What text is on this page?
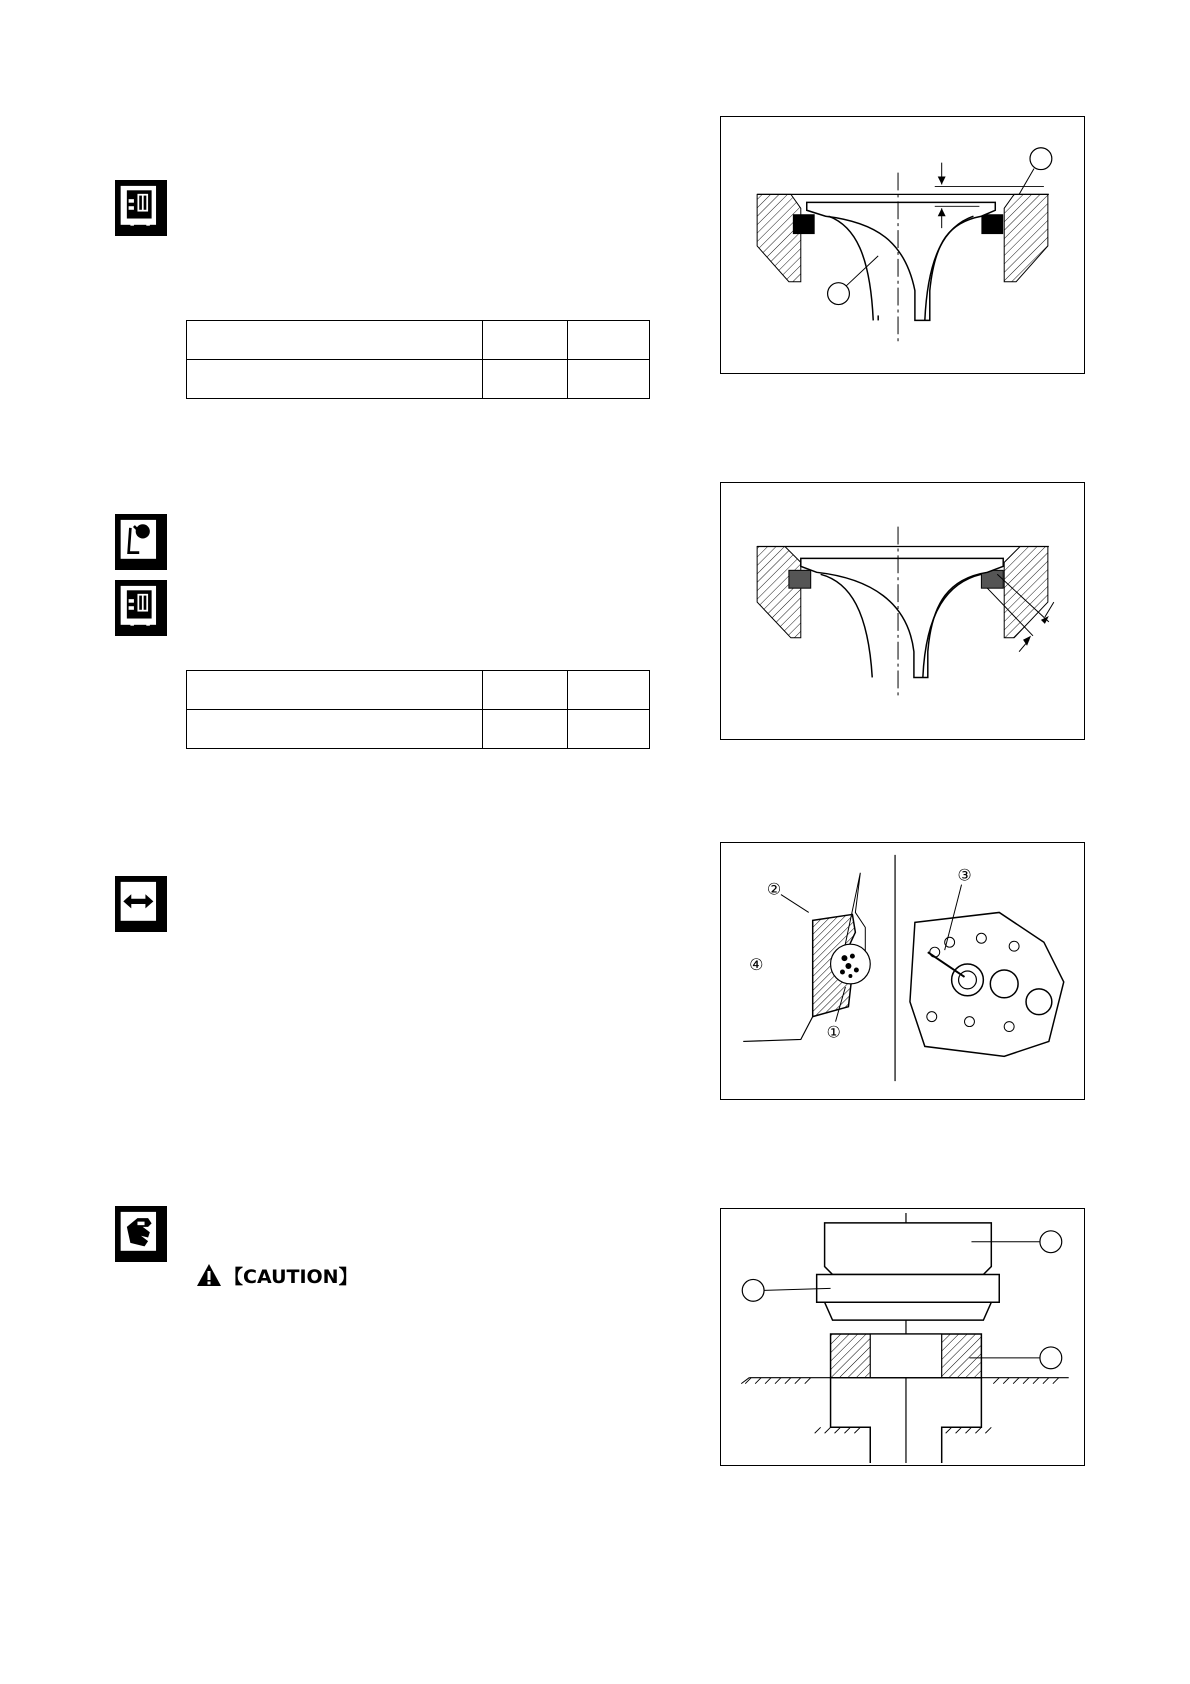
【CAUTION】
②
③
④
①
